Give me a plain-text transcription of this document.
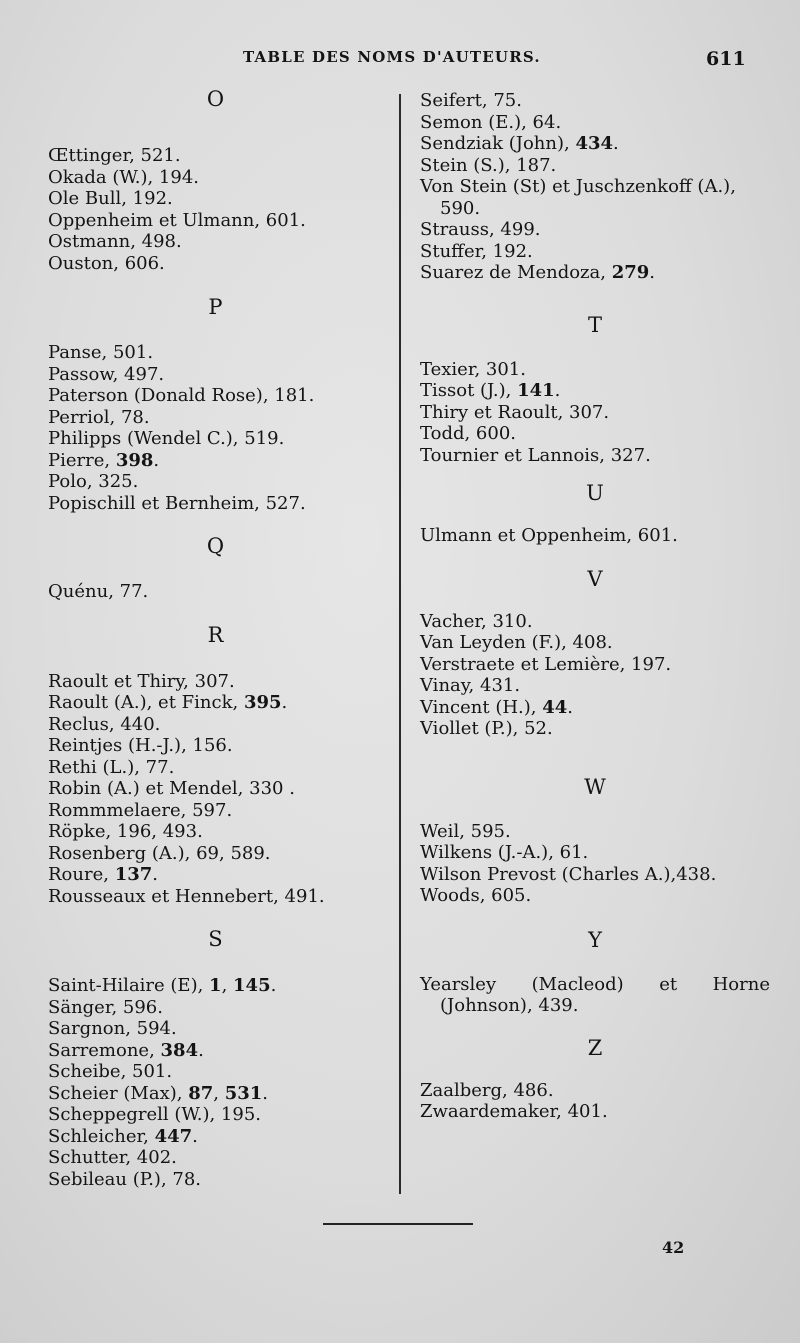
TABLE DES NOMS D'AUTEURS.	611
O
Œttinger, 521.
Okada (W.), 194.
Ole Bull, 192.
Oppenheim et Ulmann, 601.
Ostmann, 498.
Ouston, 606.
P
Panse, 501.
Passow, 497.
Paterson (Donald Rose), 181.
Perriol, 78.
Philipps (Wendel C.), 519.
Pierre, 398.
Polo, 325.
Popischill et Bernheim, 527.
Q
Quénu, 77.
R
Raoult et Thiry, 307.
Raoult (A.), et Finck, 395.
Reclus, 440.
Reintjes (H.-J.), 156.
Rethi (L.), 77.
Robin (A.) et Mendel, 330 .
Rommmelaere, 597.
Röpke, 196, 493.
Rosenberg (A.), 69, 589.
Roure, 137.
Rousseaux et Hennebert, 491.
S
Saint-Hilaire (E), 1, 145.
Sänger, 596.
Sargnon, 594.
Sarremone, 384.
Scheibe, 501.
Scheier (Max), 87, 531.
Scheppegrell (W.), 195.
Schleicher, 447.
Schutter, 402.
Sebileau (P.), 78.
Seifert, 75.
Semon (E.), 64.
Sendziak (John), 434.
Stein (S.), 187.
Von Stein (St) et Juschzenkoff (A.), 590.
Strauss, 499.
Stuffer, 192.
Suarez de Mendoza, 279.
T
Texier, 301.
Tissot (J.), 141.
Thiry et Raoult, 307.
Todd, 600.
Tournier et Lannois, 327.
U
Ulmann et Oppenheim, 601.
V
Vacher, 310.
Van Leyden (F.), 408.
Verstraete et Lemière, 197.
Vinay, 431.
Vincent (H.), 44.
Viollet (P.), 52.
W
Weil, 595.
Wilkens (J.-A.), 61.
Wilson Prevost (Charles A.),438.
Woods, 605.
Y
Yearsley (Macleod) et Horne (Johnson), 439.
Z
Zaalberg, 486.
Zwaardemaker, 401.
42
